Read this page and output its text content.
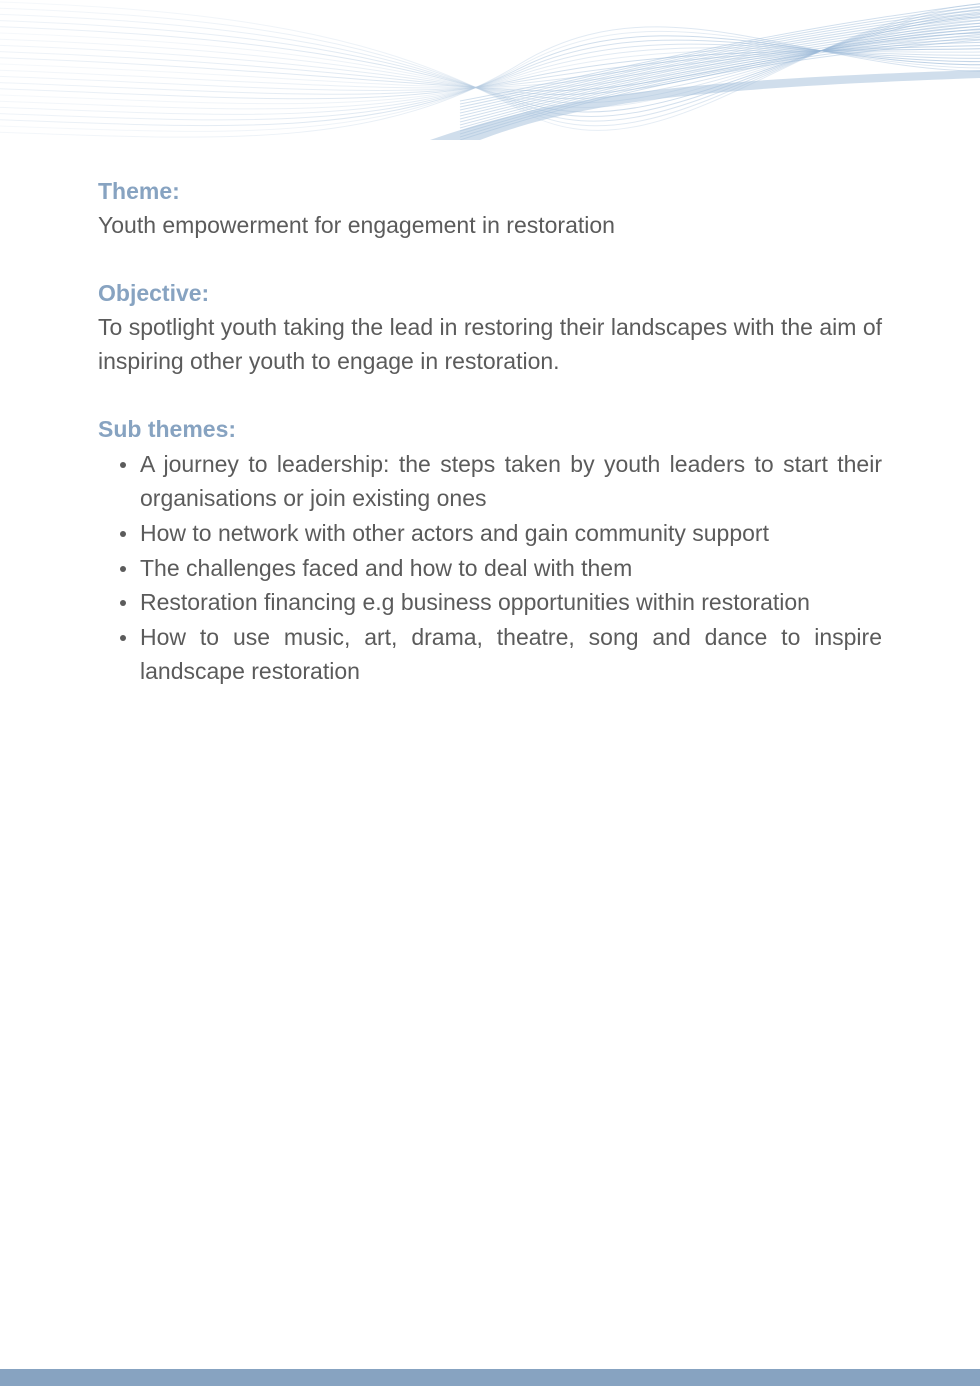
Theme:

Youth empowerment for engagement in restoration

Objective:

To spotlight youth taking the lead in restoring their landscapes with the aim of inspiring other youth to engage in restoration.

Sub themes:

A journey to leadership: the steps taken by youth leaders to start their organisations or join existing ones
How to network with other actors and gain community support
The challenges faced and how to deal with them
Restoration financing e.g business opportunities within restoration
How to use music, art, drama, theatre, song and dance to inspire landscape restoration
